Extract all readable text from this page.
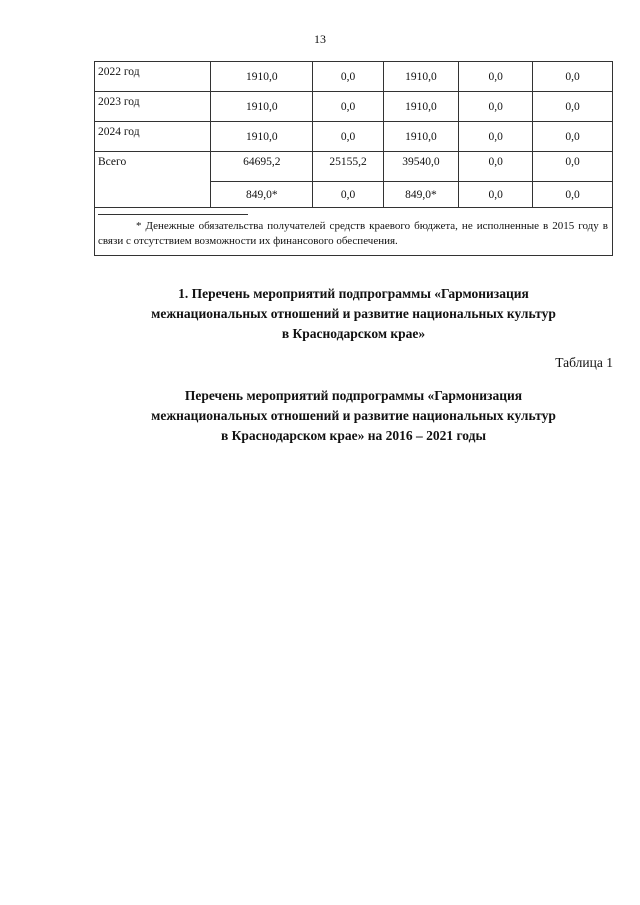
13
2022 год	1910,0	0,0	1910,0	0,0	0,0
2023 год	1910,0	0,0	1910,0	0,0	0,0
2024 год	1910,0	0,0	1910,0	0,0	0,0
Всего	64695,2	25155,2	39540,0	0,0	0,0
	849,0*	0,0	849,0*	0,0	0,0

* Денежные обязательства получателей средств краевого бюджета, не исполненные в 2015 году в связи с отсутствием возможности их финансового обеспечения.					
1. Перечень мероприятий подпрограммы «Гармонизация
межнациональных отношений и развитие национальных культур
в Краснодарском крае»
Таблица 1
Перечень мероприятий подпрограммы «Гармонизация
межнациональных отношений и развитие национальных культур
в Краснодарском крае» на 2016 – 2021 годы
